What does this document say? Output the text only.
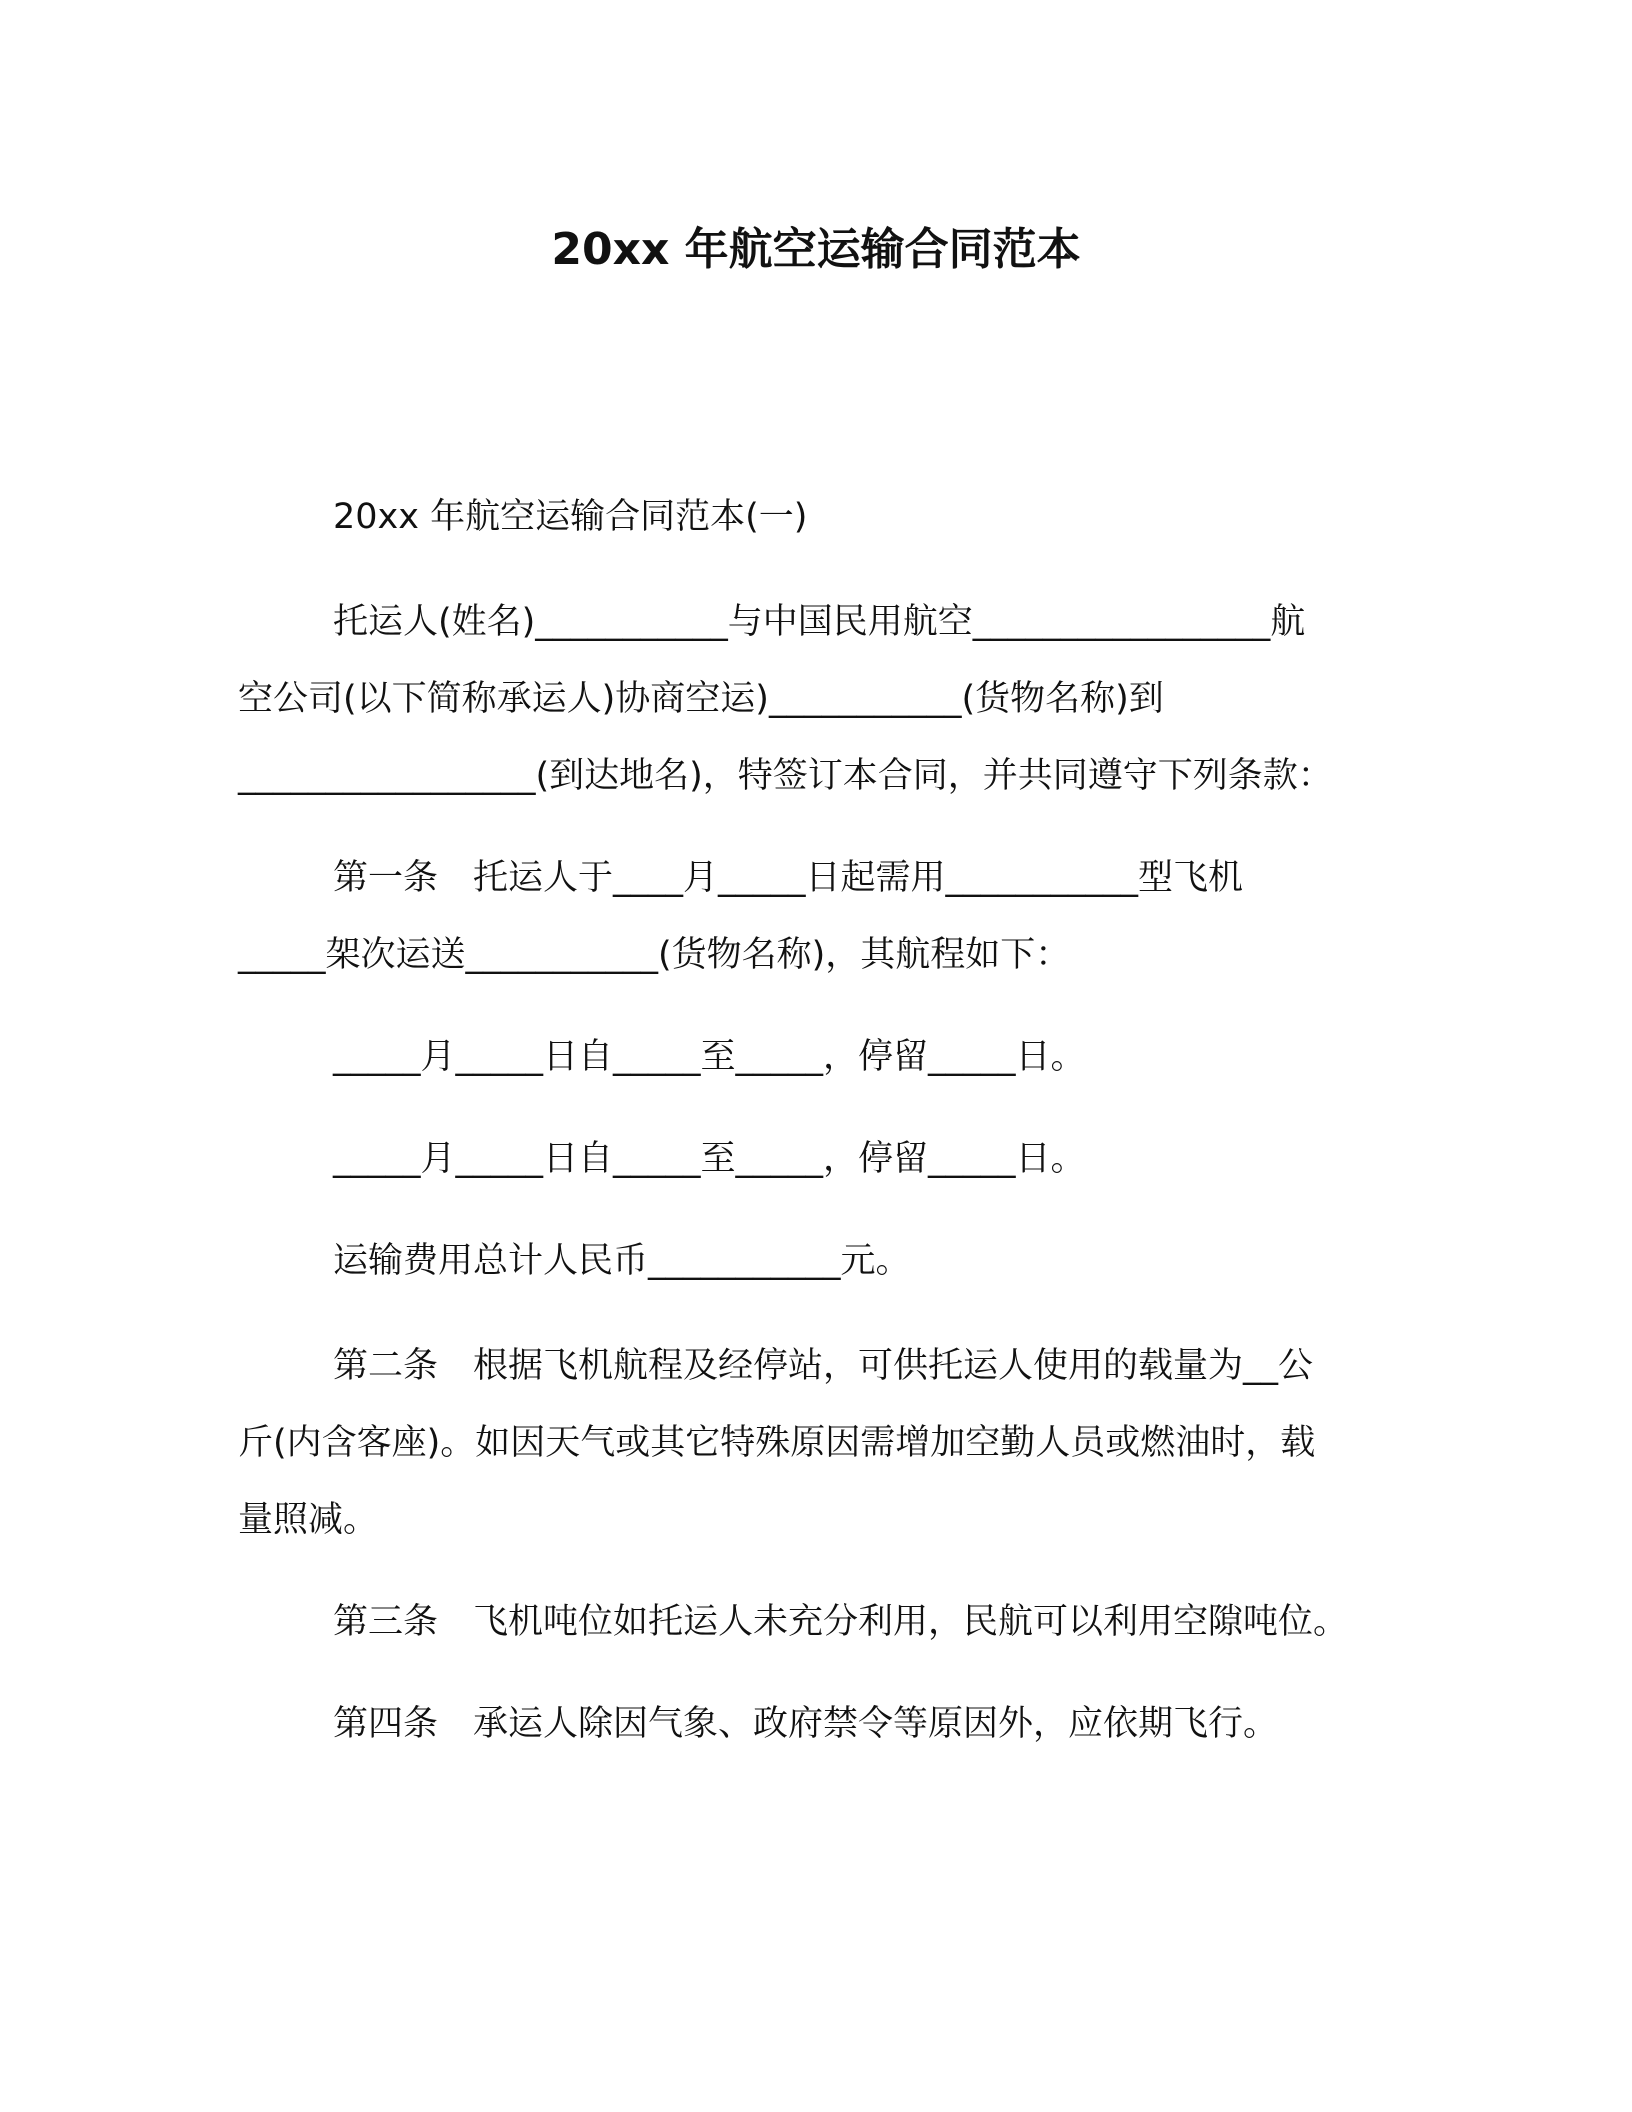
20xx 年航空运输合同范本
20xx 年航空运输合同范本(一)
托运人(姓名)___________与中国民用航空_________________航
空公司(以下简称承运人)协商空运)___________(货物名称)到
_________________(到达地名)，特签订本合同，并共同遵守下列条款：
第一条　托运人于____月_____日起需用___________型飞机
_____架次运送___________(货物名称)，其航程如下：
_____月_____日自_____至_____，停留_____日。
_____月_____日自_____至_____，停留_____日。
运输费用总计人民币___________元。
第二条　根据飞机航程及经停站，可供托运人使用的载量为__公
斤(内含客座)。如因天气或其它特殊原因需增加空勤人员或燃油时，载
量照减。
第三条　飞机吨位如托运人未充分利用，民航可以利用空隙吨位。
第四条　承运人除因气象、政府禁令等原因外，应依期飞行。
